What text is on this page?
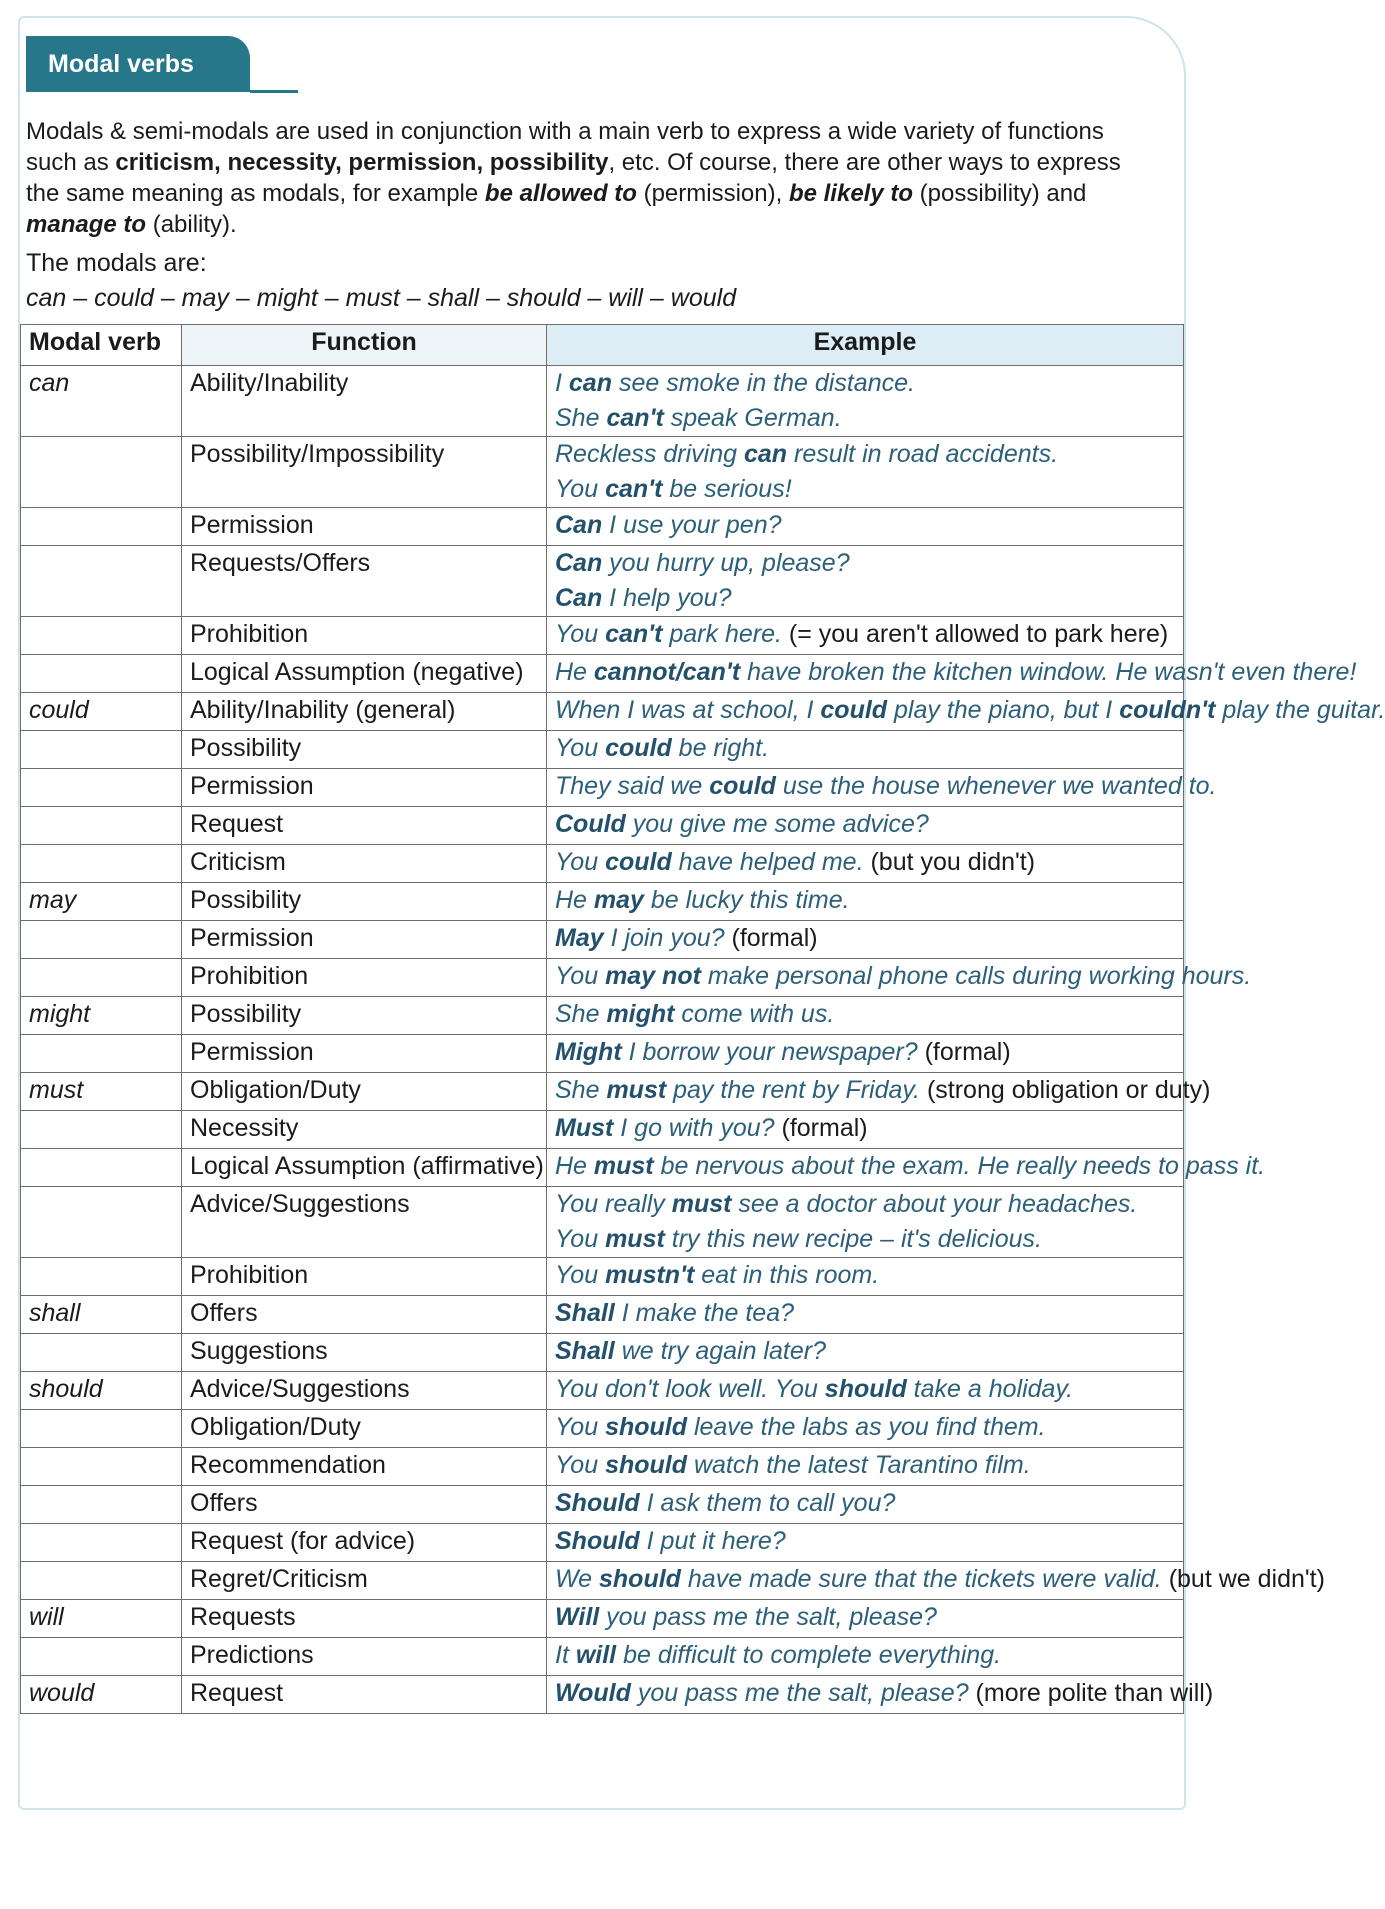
Modal verbs

Modals & semi-modals are used in conjunction with a main verb to express a wide variety of functions such as criticism, necessity, permission, possibility, etc. Of course, there are other ways to express the same meaning as modals, for example be allowed to (permission), be likely to (possibility) and manage to (ability).

The modals are:

can – could – may – might – must – shall – should – will – would

Modal verb	Function	Example
can	Ability/Inability	I can see smoke in the distance.
She can't speak German.

	Possibility/Impossibility	Reckless driving can result in road accidents.
You can't be serious!

	Permission	Can I use your pen?

	Requests/Offers	Can you hurry up, please?
Can I help you?

	Prohibition	You can't park here. (= you aren't allowed to park here)

	Logical Assumption (negative)	He cannot/can't have broken the kitchen window. He wasn't even there!

could	Ability/Inability (general)	When I was at school, I could play the piano, but I couldn't play the guitar.

	Possibility	You could be right.

	Permission	They said we could use the house whenever we wanted to.

	Request	Could you give me some advice?

	Criticism	You could have helped me. (but you didn't)

may	Possibility	He may be lucky this time.

	Permission	May I join you? (formal)

	Prohibition	You may not make personal phone calls during working hours.

might	Possibility	She might come with us.

	Permission	Might I borrow your newspaper? (formal)

must	Obligation/Duty	She must pay the rent by Friday. (strong obligation or duty)

	Necessity	Must I go with you? (formal)

	Logical Assumption (affirmative)	He must be nervous about the exam. He really needs to pass it.

	Advice/Suggestions	You really must see a doctor about your headaches.
You must try this new recipe – it's delicious.

	Prohibition	You mustn't eat in this room.

shall	Offers	Shall I make the tea?

	Suggestions	Shall we try again later?

should	Advice/Suggestions	You don't look well. You should take a holiday.

	Obligation/Duty	You should leave the labs as you find them.

	Recommendation	You should watch the latest Tarantino film.

	Offers	Should I ask them to call you?

	Request (for advice)	Should I put it here?

	Regret/Criticism	We should have made sure that the tickets were valid. (but we didn't)

will	Requests	Will you pass me the salt, please?

	Predictions	It will be difficult to complete everything.

would	Request	Would you pass me the salt, please? (more polite than will)
